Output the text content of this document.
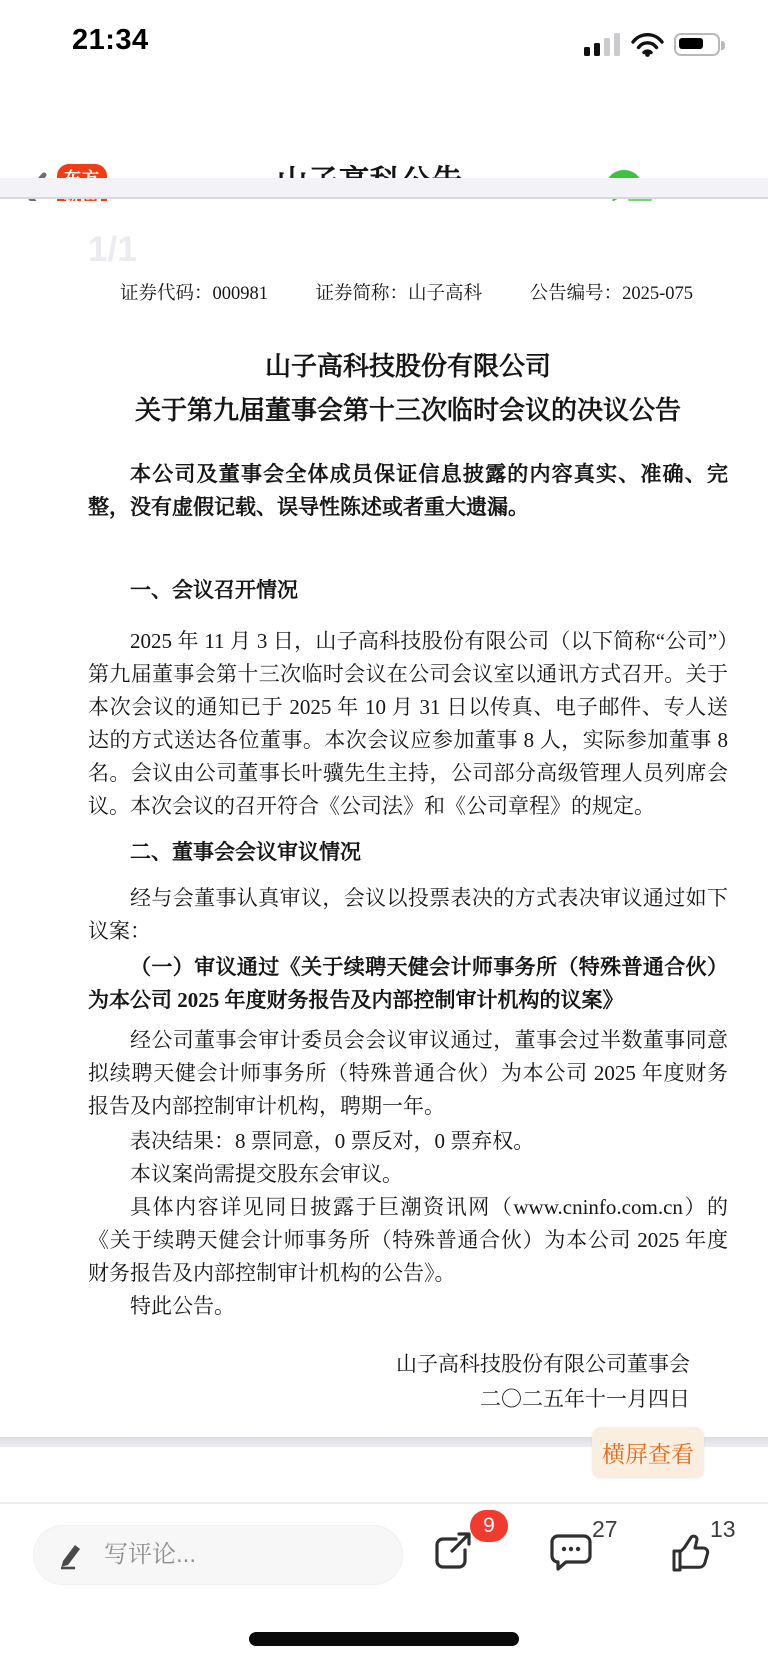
21:34
证券代码：000981	证券简称：山子高科	公告编号：2025-075
山子高科技股份有限公司
关于第九届董事会第十三次临时会议的决议公告

本公司及董事会全体成员保证信息披露的内容真实、准确、完整，没有虚假记载、误导性陈述或者重大遗漏。

一、会议召开情况

2025 年 11 月 3 日，山子高科技股份有限公司（以下简称“公司”）第九届董事会第十三次临时会议在公司会议室以通讯方式召开。关于本次会议的通知已于 2025 年 10 月 31 日以传真、电子邮件、专人送达的方式送达各位董事。本次会议应参加董事 8 人，实际参加董事 8 名。会议由公司董事长叶骥先生主持，公司部分高级管理人员列席会议。本次会议的召开符合《公司法》和《公司章程》的规定。

二、董事会会议审议情况

经与会董事认真审议，会议以投票表决的方式表决审议通过如下议案：

（一）审议通过《关于续聘天健会计师事务所（特殊普通合伙）为本公司 2025 年度财务报告及内部控制审计机构的议案》

经公司董事会审计委员会会议审议通过，董事会过半数董事同意拟续聘天健会计师事务所（特殊普通合伙）为本公司 2025 年度财务报告及内部控制审计机构，聘期一年。

表决结果：8 票同意，0 票反对，0 票弃权。

本议案尚需提交股东会审议。

具体内容详见同日披露于巨潮资讯网（www.cninfo.com.cn）的《关于续聘天健会计师事务所（特殊普通合伙）为本公司 2025 年度财务报告及内部控制审计机构的公告》。

特此公告。

山子高科技股份有限公司董事会

二〇二五年十一月四日

1/1
横屏查看
写评论...
9	27	13
